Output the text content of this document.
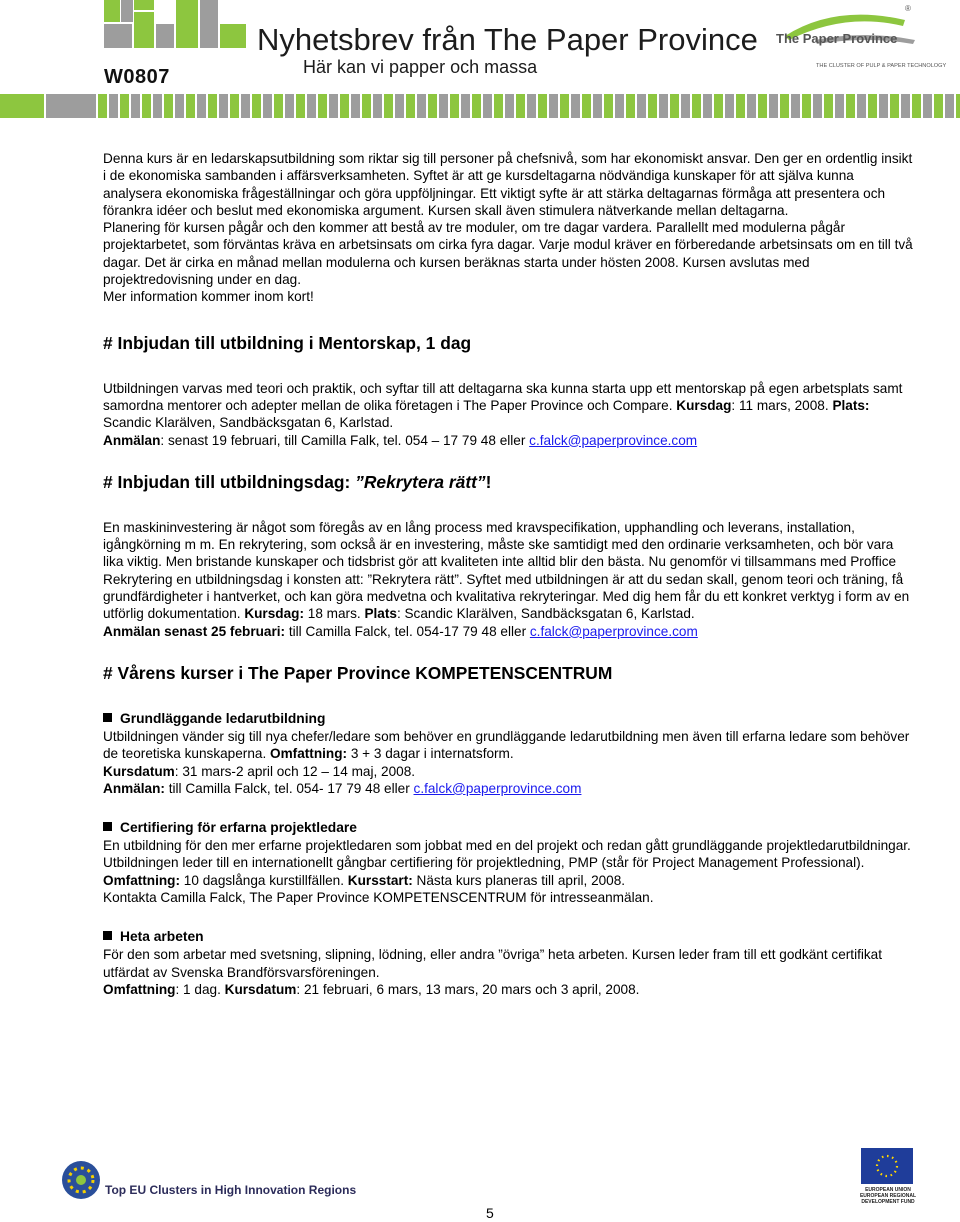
W0807
Nyhetsbrev från The Paper Province
Här kan vi papper och massa
®
The Paper Province
THE CLUSTER OF PULP & PAPER TECHNOLOGY

Denna kurs är en ledarskapsutbildning som riktar sig till personer på chefsnivå, som har ekonomiskt ansvar. Den ger en ordentlig insikt i de ekonomiska sambanden i affärsverksamheten. Syftet är att ge kursdeltagarna nödvändiga kunskaper för att själva kunna analysera ekonomiska frågeställningar och göra uppföljningar. Ett viktigt syfte är att stärka deltagarnas förmåga att presentera och förankra idéer och beslut med ekonomiska argument. Kursen skall även stimulera nätverkande mellan deltagarna.

Planering för kursen pågår och den kommer att bestå av tre moduler, om tre dagar vardera. Parallellt med modulerna pågår projektarbetet, som förväntas kräva en arbetsinsats om cirka fyra dagar. Varje modul kräver en förberedande arbetsinsats om en till två dagar. Det är cirka en månad mellan modulerna och kursen beräknas starta under hösten 2008. Kursen avslutas med projektredovisning under en dag.

Mer information kommer inom kort!

# Inbjudan till utbildning i Mentorskap, 1 dag

Utbildningen varvas med teori och praktik, och syftar till att deltagarna ska kunna starta upp ett mentorskap på egen arbetsplats samt samordna mentorer och adepter mellan de olika företagen i The Paper Province och Compare. Kursdag: 11 mars, 2008. Plats: Scandic Klarälven, Sandbäcksgatan 6, Karlstad.
Anmälan: senast 19 februari, till Camilla Falk, tel. 054 – 17 79 48 eller c.falck@paperprovince.com

# Inbjudan till utbildningsdag: ”Rekrytera rätt”!

En maskininvestering är något som föregås av en lång process med kravspecifikation, upphandling och leverans, installation, igångkörning m m. En rekrytering, som också är en investering, måste ske samtidigt med den ordinarie verksamheten, och bör vara lika viktig. Men bristande kunskaper och tidsbrist gör att kvaliteten inte alltid blir den bästa. Nu genomför vi tillsammans med Proffice Rekrytering en utbildningsdag i konsten att: ”Rekrytera rätt”. Syftet med utbildningen är att du sedan skall, genom teori och träning, få grundfärdigheter i hantverket, och kan göra medvetna och kvalitativa rekryteringar. Med dig hem får du ett konkret verktyg i form av en utförlig dokumentation. Kursdag: 18 mars. Plats: Scandic Klarälven, Sandbäcksgatan 6, Karlstad.
Anmälan senast 25 februari: till Camilla Falck, tel. 054-17 79 48 eller c.falck@paperprovince.com

# Vårens kurser i The Paper Province KOMPETENSCENTRUM

Grundläggande ledarutbildning

Utbildningen vänder sig till nya chefer/ledare som behöver en grundläggande ledarutbildning men även till erfarna ledare som behöver de teoretiska kunskaperna. Omfattning: 3 + 3 dagar i internatsform.
Kursdatum: 31 mars-2 april och 12 – 14 maj, 2008.
Anmälan: till Camilla Falck, tel. 054- 17 79 48 eller c.falck@paperprovince.com

Certifiering för erfarna projektledare

En utbildning för den mer erfarne projektledaren som jobbat med en del projekt och redan gått grundläggande projektledarutbildningar. Utbildningen leder till en internationellt gångbar certifiering för projektledning, PMP (står för Project Management Professional).
Omfattning: 10 dagslånga kurstillfällen. Kursstart: Nästa kurs planeras till april, 2008.
Kontakta Camilla Falck, The Paper Province KOMPETENSCENTRUM för intresseanmälan.

Heta arbeten

För den som arbetar med svetsning, slipning, lödning, eller andra ”övriga” heta arbeten. Kursen leder fram till ett godkänt certifikat utfärdat av Svenska Brandförsvarsföreningen.
Omfattning: 1 dag. Kursdatum: 21 februari, 6 mars, 13 mars, 20 mars och 3 april, 2008.

Top EU Clusters in High Innovation Regions
5
EUROPEAN UNION EUROPEAN REGIONAL DEVELOPMENT FUND
